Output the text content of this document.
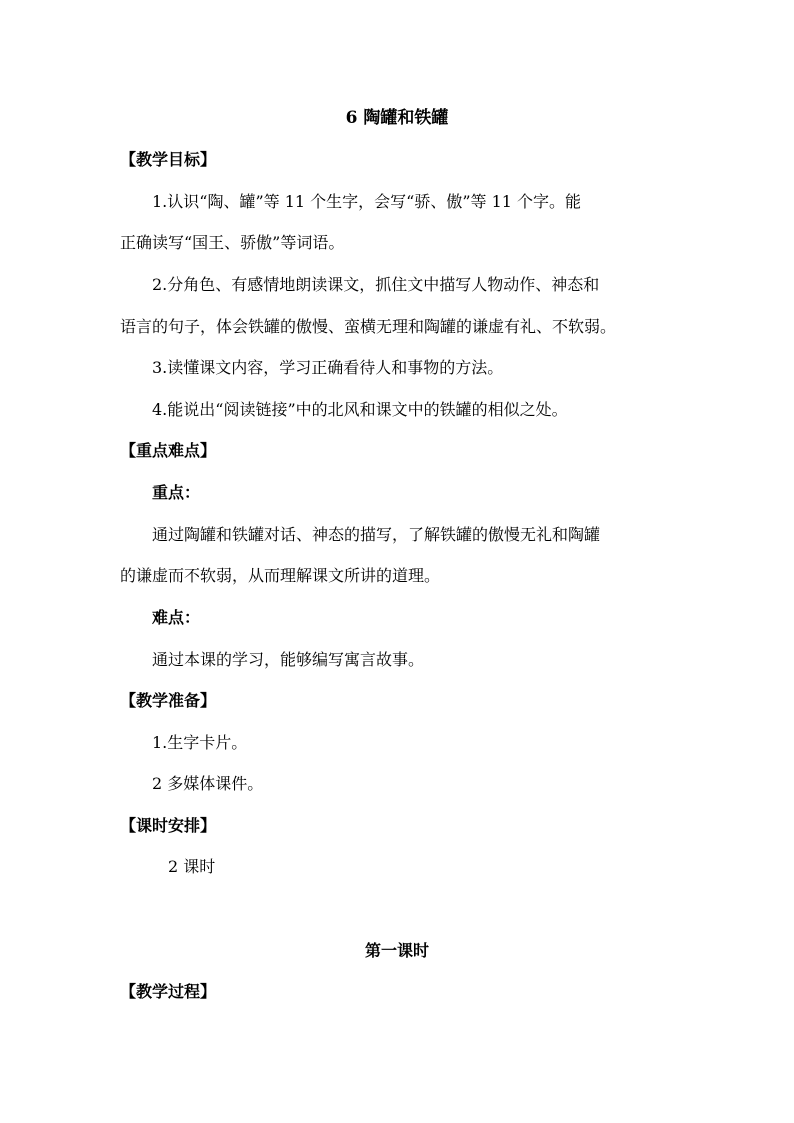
6 陶罐和铁罐
【教学目标】
1.认识“陶、罐”等 11 个生字，会写“骄、傲”等 11 个字。能
正确读写“国王、骄傲”等词语。
2.分角色、有感情地朗读课文，抓住文中描写人物动作、神态和
语言的句子，体会铁罐的傲慢、蛮横无理和陶罐的谦虚有礼、不软弱。
3.读懂课文内容，学习正确看待人和事物的方法。
4.能说出“阅读链接”中的北风和课文中的铁罐的相似之处。
【重点难点】
重点：
通过陶罐和铁罐对话、神态的描写，了解铁罐的傲慢无礼和陶罐
的谦虚而不软弱，从而理解课文所讲的道理。
难点：
通过本课的学习，能够编写寓言故事。
【教学准备】
1.生字卡片。
2 多媒体课件。
【课时安排】
2 课时
第一课时
【教学过程】
